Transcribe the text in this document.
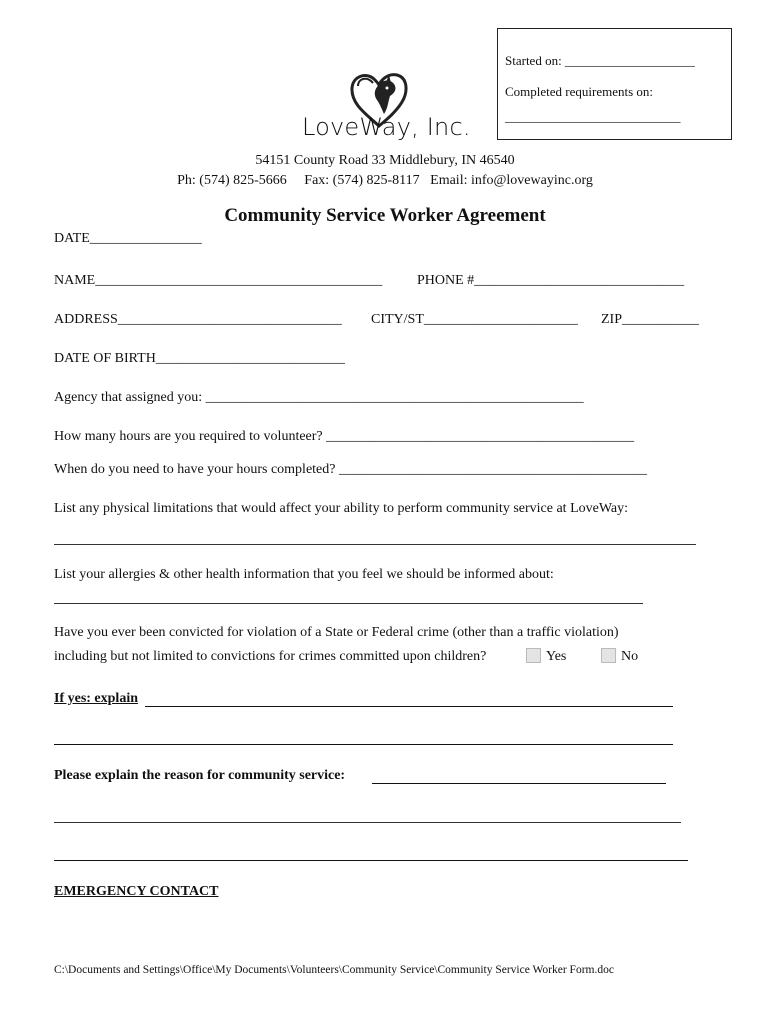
Started on: ____________________
Completed requirements on:
___________________________

LoveWay, Inc.
54151 County Road 33 Middlebury, IN 46540
Ph: (574) 825-5666     Fax: (574) 825-8117   Email: info@lovewayinc.org
Community Service Worker Agreement
DATE________________
NAME_________________________________________ PHONE #______________________________
ADDRESS________________________________ CITY/ST______________________ ZIP___________
DATE OF BIRTH___________________________
Agency that assigned you: ______________________________________________________
How many hours are you required to volunteer? ____________________________________________
When do you need to have your hours completed? ____________________________________________
List any physical limitations that would affect your ability to perform community service at LoveWay:
List your allergies & other health information that you feel we should be informed about:
Have you ever been convicted for violation of a State or Federal crime (other than a traffic violation)
including but not limited to convictions for crimes committed upon children?	Yes	No
If yes: explain
Please explain the reason for community service:
EMERGENCY CONTACT
C:\Documents and Settings\Office\My Documents\Volunteers\Community Service\Community Service Worker Form.doc
